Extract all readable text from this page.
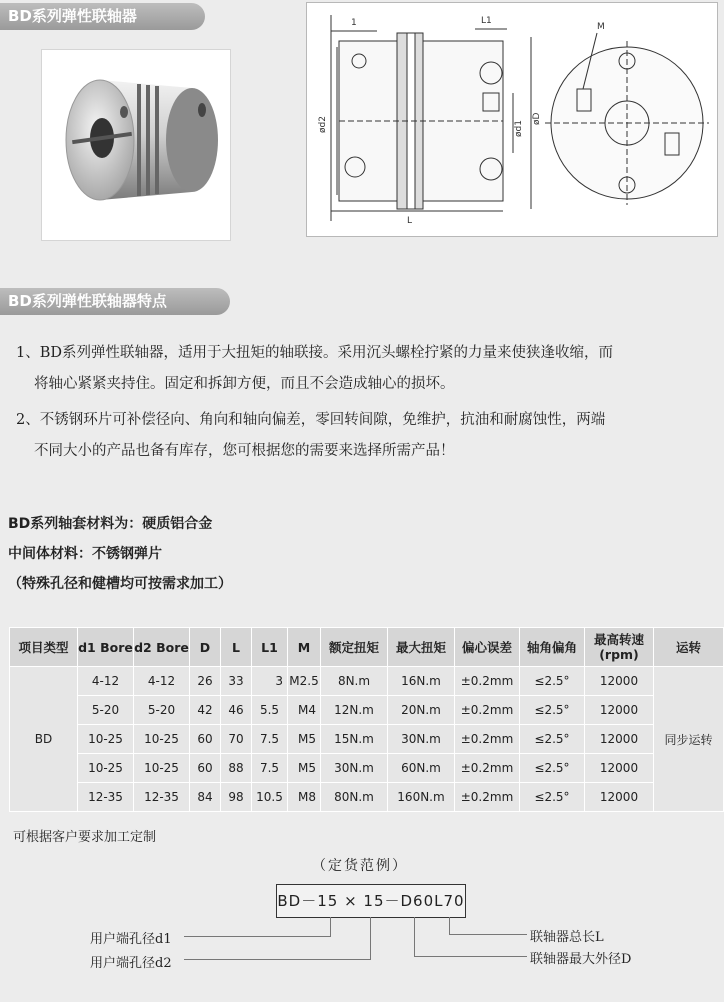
BD系列弹性联轴器	1
ød2	ød1
øD
L1
L
M
BD系列弹性联轴器特点
1、BD系列弹性联轴器，适用于大扭矩的轴联接。采用沉头螺栓拧紧的力量来使狭逢收缩，而
将轴心紧紧夹持住。固定和拆卸方便，而且不会造成轴心的损坏。
2、不锈钢环片可补偿径向、角向和轴向偏差，零回转间隙，免维护，抗油和耐腐蚀性，两端
不同大小的产品也备有库存，您可根据您的需要来选择所需产品！
BD系列轴套材料为：硬质铝合金
中间体材料：不锈钢弹片
（特殊孔径和健槽均可按需求加工）
项目类型	d1 Bore	d2 Bore	D	L	L1	M	额定扭矩	最大扭矩	偏心误差	轴角偏角	最高转速 (rpm)	运转
BD	4-12	4-12	26	33	3	M2.5	8N.m	16N.m	±0.2mm	≤2.5°	12000	同步运转
	5-20	5-20	42	46	5.5	M4	12N.m	20N.m	±0.2mm	≤2.5°	12000	
	10-25	10-25	60	70	7.5	M5	15N.m	30N.m	±0.2mm	≤2.5°	12000	
	10-25	10-25	60	88	7.5	M5	30N.m	60N.m	±0.2mm	≤2.5°	12000	
	12-35	12-35	84	98	10.5	M8	80N.m	160N.m	±0.2mm	≤2.5°	12000	
可根据客户要求加工定制
（定货范例）
BD－15 × 15－D60L70
用户端孔径d1
用户端孔径d2
联轴器总长L
联轴器最大外径D
